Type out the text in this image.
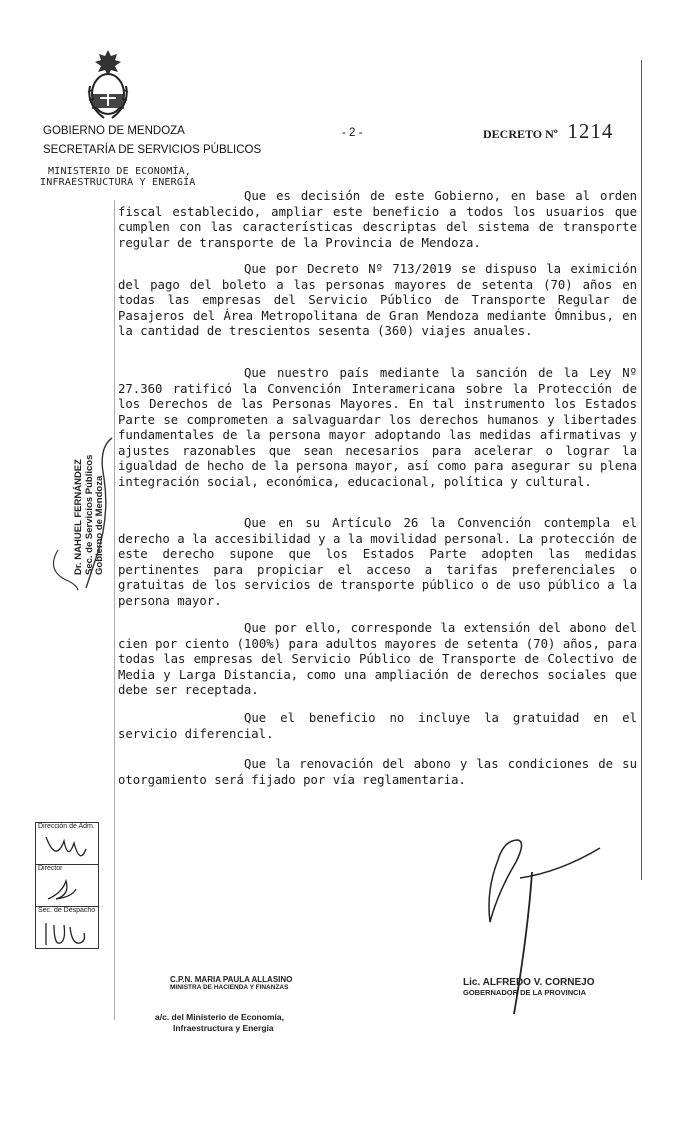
GOBIERNO DE MENDOZA
SECRETARÍA DE SERVICIOS PÚBLICOS
- 2 -	DECRETO Nº 1214
MINISTERIO DE ECONOMÍA,
INFRAESTRUCTURA Y ENERGÍA
Que es decisión de este Gobierno, en base al orden fiscal establecido, ampliar este beneficio a todos los usuarios que cumplen con las características descriptas del sistema de transporte regular de transporte de la Provincia de Mendoza.
Que por Decreto Nº 713/2019 se dispuso la eximición del pago del boleto a las personas mayores de setenta (70) años en todas las empresas del Servicio Público de Transporte Regular de Pasajeros del Área Metropolitana de Gran Mendoza mediante Ómnibus, en la cantidad de trescientos sesenta (360) viajes anuales.
Que nuestro país mediante la sanción de la Ley Nº 27.360 ratificó la Convención Interamericana sobre la Protección de los Derechos de las Personas Mayores. En tal instrumento los Estados Parte se comprometen a salvaguardar los derechos humanos y libertades fundamentales de la persona mayor adoptando las medidas afirmativas y ajustes razonables que sean necesarios para acelerar o lograr la igualdad de hecho de la persona mayor, así como para asegurar su plena integración social, económica, educacional, política y cultural.
Que en su Artículo 26 la Convención contempla el derecho a la accesibilidad y a la movilidad personal. La protección de este derecho supone que los Estados Parte adopten las medidas pertinentes para propiciar el acceso a tarifas preferenciales o gratuitas de los servicios de transporte público o de uso público a la persona mayor.
Que por ello, corresponde la extensión del abono del cien por ciento (100%) para adultos mayores de setenta (70) años, para todas las empresas del Servicio Público de Transporte de Colectivo de Media y Larga Distancia, como una ampliación de derechos sociales que debe ser receptada.
Que el beneficio no incluye la gratuidad en el servicio diferencial.
Que la renovación del abono y las condiciones de su otorgamiento será fijado por vía reglamentaria.
Dr. NAHUEL FERNÁNDEZ Sec. de Servicios Públicos Gobierno de Mendoza
Dirección de Adm.
Director
Sec. de Despacho
C.P.N. MARIA PAULA ALLASINO
MINISTRA DE HACIENDA Y FINANZAS
a/c. del Ministerio de Economía,
Infraestructura y Energía
Lic. ALFREDO V. CORNEJO
GOBERNADOR DE LA PROVINCIA
